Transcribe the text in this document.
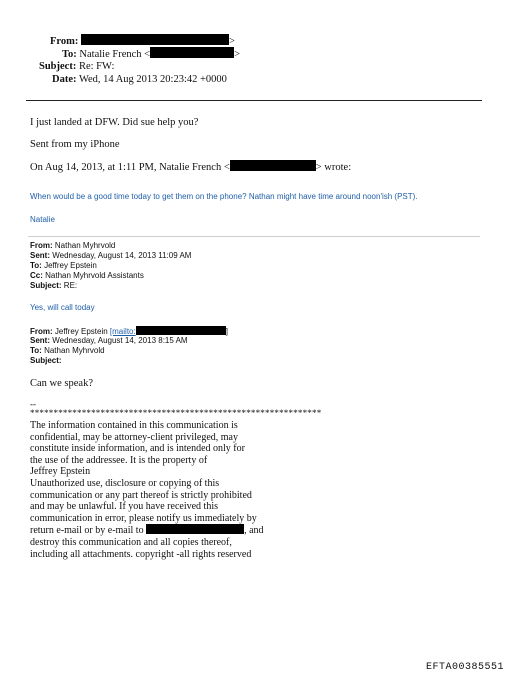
From:	>
To: Natalie French <	>
Subject: Re: FW:
Date: Wed, 14 Aug 2013 20:23:42 +0000
I just landed at DFW. Did sue help you?
Sent from my iPhone
On Aug 14, 2013, at 1:11 PM, Natalie French <	> wrote:
When would be a good time today to get them on the phone? Nathan might have time around noon'ish (PST).
Natalie
From: Nathan Myhrvold
Sent: Wednesday, August 14, 2013 11:09 AM
To: Jeffrey Epstein
Cc: Nathan Myhrvold Assistants
Subject: RE:
Yes, will call today
From: Jeffrey Epstein [mailto:	]
Sent: Wednesday, August 14, 2013 8:15 AM
To: Nathan Myhrvold
Subject:
Can we speak?
--
**************************************************************
The information contained in this communication is
confidential, may be attorney-client privileged, may
constitute inside information, and is intended only for
the use of the addressee. It is the property of
Jeffrey Epstein
Unauthorized use, disclosure or copying of this
communication or any part thereof is strictly prohibited
and may be unlawful. If you have received this
communication in error, please notify us immediately by
return e-mail or by e-mail to	, and
destroy this communication and all copies thereof,
including all attachments. copyright -all rights reserved
EFTA00385551
